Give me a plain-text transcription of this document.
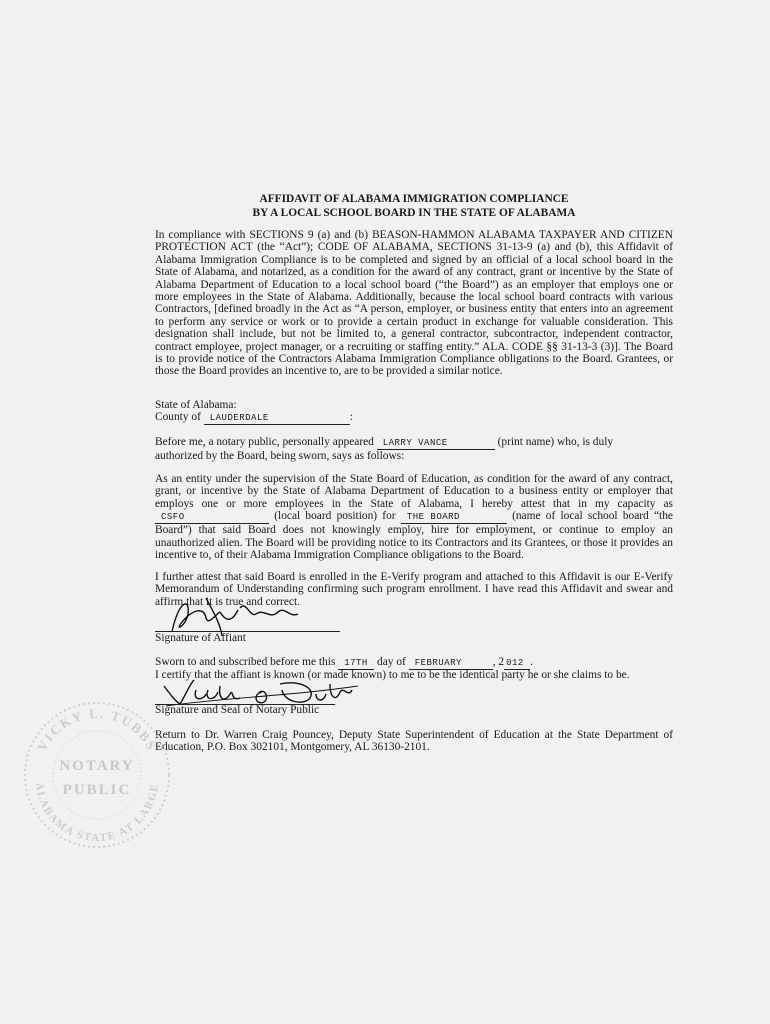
AFFIDAVIT OF ALABAMA IMMIGRATION COMPLIANCE
BY A LOCAL SCHOOL BOARD IN THE STATE OF ALABAMA
In compliance with SECTIONS 9 (a) and (b) BEASON-HAMMON ALABAMA TAXPAYER AND CITIZEN PROTECTION ACT (the “Act”); CODE OF ALABAMA, SECTIONS 31-13-9 (a) and (b), this Affidavit of Alabama Immigration Compliance is to be completed and signed by an official of a local school board in the State of Alabama, and notarized, as a condition for the award of any contract, grant or incentive by the State of Alabama Department of Education to a local school board (“the Board”) as an employer that employs one or more employees in the State of Alabama. Additionally, because the local school board contracts with various Contractors, [defined broadly in the Act as “A person, employer, or business entity that enters into an agreement to perform any service or work or to provide a certain product in exchange for valuable consideration. This designation shall include, but not be limited to, a general contractor, subcontractor, independent contractor, contract employee, project manager, or a recruiting or staffing entity.” ALA. CODE §§ 31-13-3 (3)]. The Board is to provide notice of the Contractors Alabama Immigration Compliance obligations to the Board. Grantees, or those the Board provides an incentive to, are to be provided a similar notice.
State of Alabama:
County of LAUDERDALE	:
Before me, a notary public, personally appeared LARRY VANCE	(print name) who, is duly
authorized by the Board, being sworn, says as follows:
As an entity under the supervision of the State Board of Education, as condition for the award of any contract, grant, or incentive by the State of Alabama Department of Education to a business entity or employer that employs one or more employees in the State of Alabama, I hereby attest that in my capacity as CSFO	(local board position) for THE BOARD	(name of local school board “the Board”) that said Board does not knowingly employ, hire for employment, or continue to employ an unauthorized alien. The Board will be providing notice to its Contractors and its Grantees, or those it provides an incentive to, of their Alabama Immigration Compliance obligations to the Board.
I further attest that said Board is enrolled in the E-Verify program and attached to this Affidavit is our E-Verify Memorandum of Understanding confirming such program enrollment. I have read this Affidavit and swear and affirm that it is true and correct.
Signature of Affiant
Sworn to and subscribed before me this 17TH day of FEBRUARY	, 2 012 .
I certify that the affiant is known (or made known) to me to be the identical party he or she claims to be.
Signature and Seal of Notary Public
Return to Dr. Warren Craig Pouncey, Deputy State Superintendent of Education at the State Department of Education, P.O. Box 302101, Montgomery, AL 36130-2101.
VICKY L. TUBBS
ALABAMA STATE AT LARGE
NOTARY
PUBLIC
